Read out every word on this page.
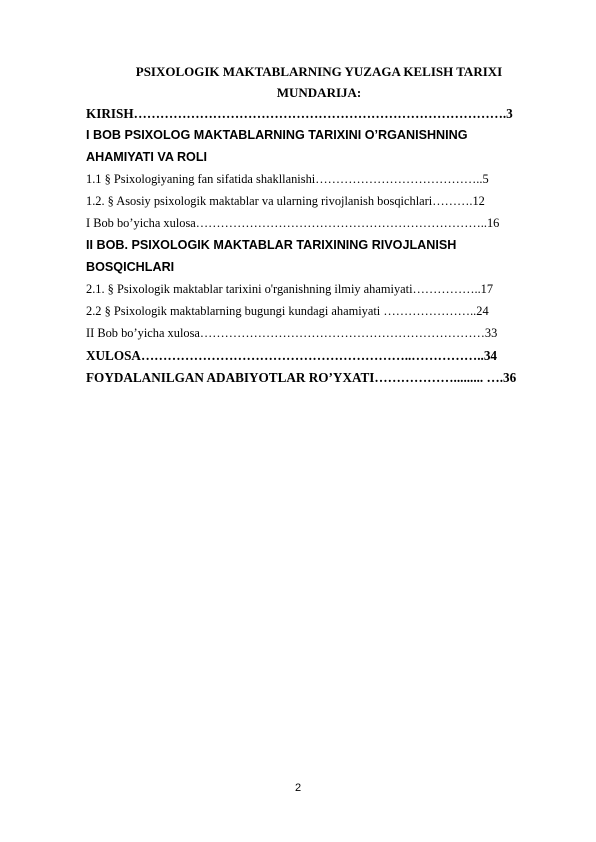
PSIXOLOGIK MAKTABLARNING YUZAGA KELISH TARIXI
MUNDARIJA:
KIRISH………………………………………………………………………….3
I BOB PSIXOLOG MAKTABLARNING TARIXINI O’RGANISHNING
AHAMIYATI VA ROLI
1.1 § Psixologiyaning fan sifatida shakllanishi…………………………………..5
1.2. § Asosiy psixologik maktablar va ularning rivojlanish bosqichlari……….12
I Bob bo’yicha xulosa……………………………………………………………..16
II BOB. PSIXOLOGIK MAKTABLAR TARIXINING RIVOJLANISH
BOSQICHLARI
2.1. § Psixologik maktablar tarixini o'rganishning ilmiy ahamiyati……………..17
2.2 § Psixologik maktablarning bugungi kundagi ahamiyati …………………..24
II Bob bo’yicha xulosa……………………………………………………………33
XULOSA……………………………………………………..……………..34
FOYDALANILGAN ADABIYOTLAR RO’YXATI………………......... ….36
2
